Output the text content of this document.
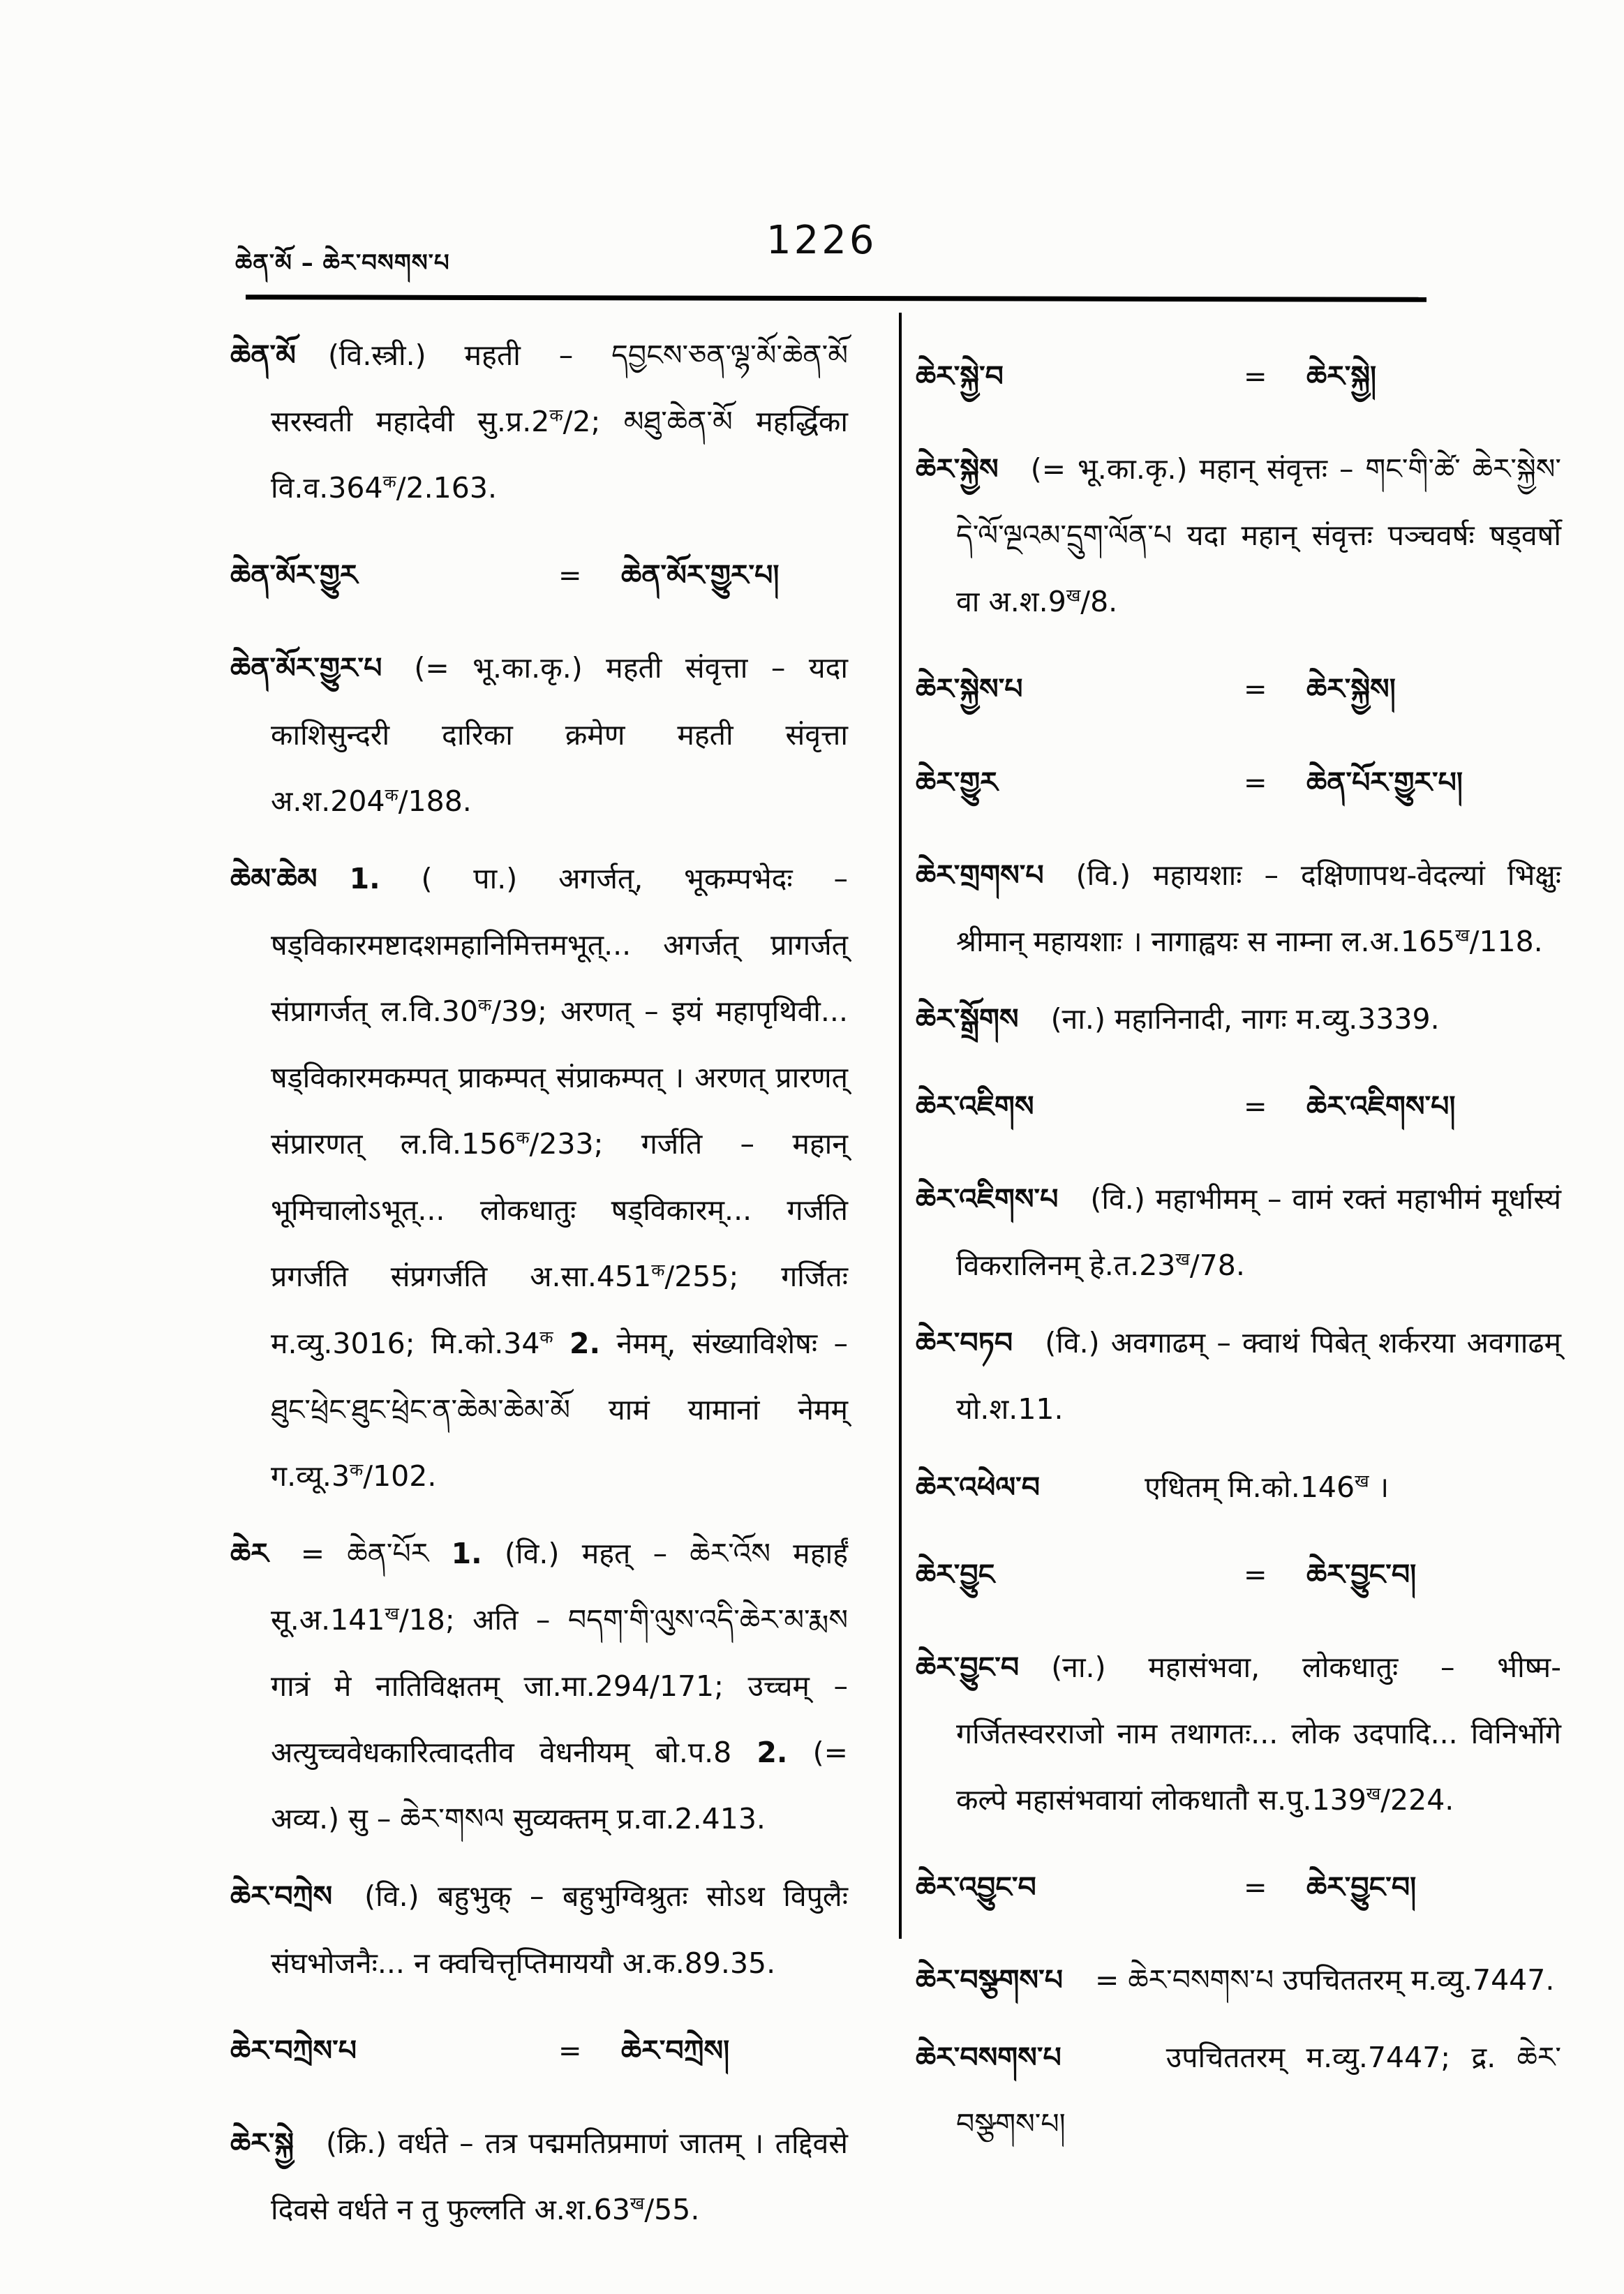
ཆེན་མོ – ཆེར་བསགས་པ	1226

ཆེན་མོ (वि.स्त्री.) महती – དབྱངས་ཅན་ལྷ་མོ་ཆེན་མོ सरस्वती महादेवी $सु.प्र.2^क/2$; མཐུ་ཆེན་མོ महर्द्धिका $वि.व.364^क/2.163$.

ཆེན་མོར་གྱུར	=	ཆེན་མོར་གྱུར་པ།

ཆེན་མོར་གྱུར་པ (= भू.का.कृ.) महती संवृत्ता – यदा काशिसुन्दरी दारिका क्रमेण महती संवृत्ता $अ.श.204^क/188$.

ཆེམ་ཆེམ 1. ( पा.) अगर्जत्, भूकम्पभेदः – षड्विकारमष्टादशमहानिमित्तमभूत्... अगर्जत् प्रागर्जत् संप्रागर्जत् $ल.वि.30^क/39$; अरणत् – इयं महापृथिवी... षड्विकारमकम्पत् प्राकम्पत् संप्राकम्पत् । अरणत् प्रारणत् संप्रारणत् $ल.वि.156^क/233$; गर्जति – महान् भूमिचालोऽभूत्... लोकधातुः षड्विकारम्... गर्जति प्रगर्जति संप्रगर्जति $अ.सा.451^क/255$; गर्जितः म.व्यु.3016; $मि.को.34^क$ 2. नेमम्, संख्याविशेषः – ཐུང་ཕྲེང་ཐུང་ཕྲེང་ན་ཆེམ་ཆེམ་མོ यामं यामानां नेमम् $ग.व्यू.3^क/102$.

ཆེར = ཆེན་པོར 1. (वि.) महत् – ཆེར་འོས महार्हं $सू.अ.141^ख/18$; अति – བདག་གི་ལུས་འདི་ཆེར་མ་རྨས गात्रं मे नातिविक्षतम् जा.मा.294/171; उच्चम् – अत्युच्चवेधकारित्वादतीव वेधनीयम् बो.प.8 2. (= अव्य.) सु – ཆེར་གསལ सुव्यक्तम् प्र.वा.2.413.

ཆེར་བཀྲེས (वि.) बहुभुक् – बहुभुग्विश्रुतः सोऽथ विपुलैः संघभोजनैः... न क्वचित्तृप्तिमाययौ अ.क.89.35.

ཆེར་བཀྲེས་པ	=	ཆེར་བཀྲེས།

ཆེར་སྐྱེ (क्रि.) वर्धते – तत्र पद्ममतिप्रमाणं जातम् । तद्दिवसे दिवसे वर्धते न तु फुल्लति $अ.श.63^ख/55$.

ཆེར་སྐྱེ་བ	=	ཆེར་སྐྱེ།

ཆེར་སྐྱེས (= भू.का.कृ.) महान् संवृत्तः – གང་གི་ཚེ་ ཆེར་སྐྱེས་དེ་ལོ་ལྔའམ་དྲུག་ལོན་པ यदा महान् संवृत्तः पञ्चवर्षः षड्वर्षो वा $अ.श.9^ख/8$.

ཆེར་སྐྱེས་པ	=	ཆེར་སྐྱེས།

ཆེར་གྱུར	=	ཆེན་པོར་གྱུར་པ།

ཆེར་གྲགས་པ (वि.) महायशाः – दक्षिणापथ-वेदल्यां भिक्षुः श्रीमान् महायशाः । नागाह्वयः स नाम्ना $ल.अ.165^ख/118$.

ཆེར་སྒྲོགས (ना.) महानिनादी, नागः म.व्यु.3339.

ཆེར་འཇིགས	=	ཆེར་འཇིགས་པ།

ཆེར་འཇིགས་པ (वि.) महाभीमम् – वामं रक्तं महाभीमं मूर्धास्यं विकरालिनम् $हे.त.23^ख/78$.

ཆེར་བཏབ (वि.) अवगाढम् – क्वाथं पिबेत् शर्करया अवगाढम् यो.श.11.

ཆེར་འཕེལ་བ	एधितम् $मि.को.146^ख$ ।

ཆེར་བྱུང	=	ཆེར་བྱུང་བ།

ཆེར་བྱུང་བ (ना.) महासंभवा, लोकधातुः – भीष्म-गर्जितस्वरराजो नाम तथागतः... लोक उदपादि... विनिर्भोगे कल्पे महासंभवायां लोकधातौ $स.पु.139^ख/224$.

ཆེར་འབྱུང་བ	=	ཆེར་བྱུང་བ།

ཆེར་བསྩགས་པ = ཆེར་བསགས་པ उपचिततरम् म.व्यु.7447.

ཆེར་བསགས་པ	उपचिततरम् म.व्यु.7447; द्र. ཆེར་བསྩགས་པ།
